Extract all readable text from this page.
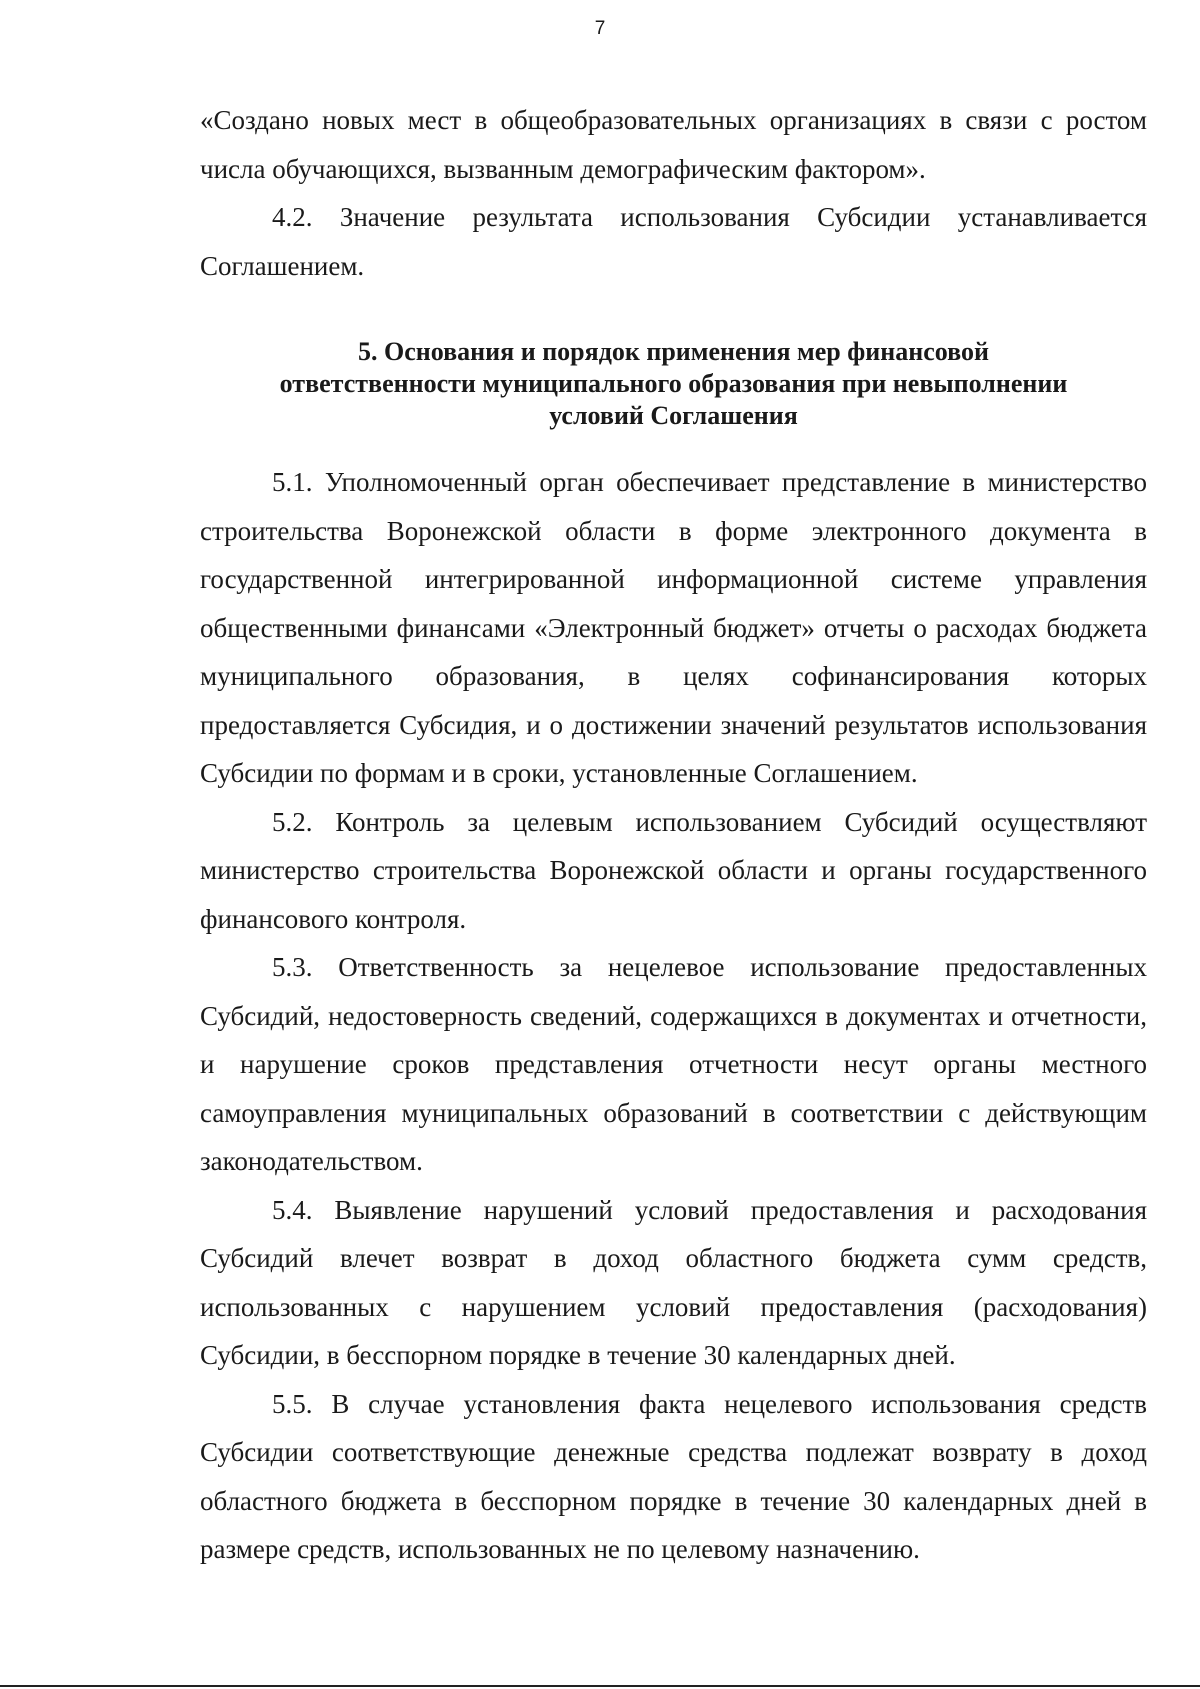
7

«Создано новых мест в общеобразовательных организациях в связи с ростом числа обучающихся, вызванным демографическим фактором».

4.2. Значение результата использования Субсидии устанавливается Соглашением.

5. Основания и порядок применения мер финансовой
ответственности муниципального образования при невыполнении
условий Соглашения

5.1. Уполномоченный орган обеспечивает представление в министерство строительства Воронежской области в форме электронного документа в государственной интегрированной информационной системе управления общественными финансами «Электронный бюджет» отчеты о расходах бюджета муниципального образования, в целях софинансирования которых предоставляется Субсидия, и о достижении значений результатов использования Субсидии по формам и в сроки, установленные Соглашением.

5.2. Контроль за целевым использованием Субсидий осуществляют министерство строительства Воронежской области и органы государственного финансового контроля.

5.3. Ответственность за нецелевое использование предоставленных Субсидий, недостоверность сведений, содержащихся в документах и отчетности, и нарушение сроков представления отчетности несут органы местного самоуправления муниципальных образований в соответствии с действующим законодательством.

5.4. Выявление нарушений условий предоставления и расходования Субсидий влечет возврат в доход областного бюджета сумм средств, использованных с нарушением условий предоставления (расходования) Субсидии, в бесспорном порядке в течение 30 календарных дней.

5.5. В случае установления факта нецелевого использования средств Субсидии соответствующие денежные средства подлежат возврату в доход областного бюджета в бесспорном порядке в течение 30 календарных дней в размере средств, использованных не по целевому назначению.
